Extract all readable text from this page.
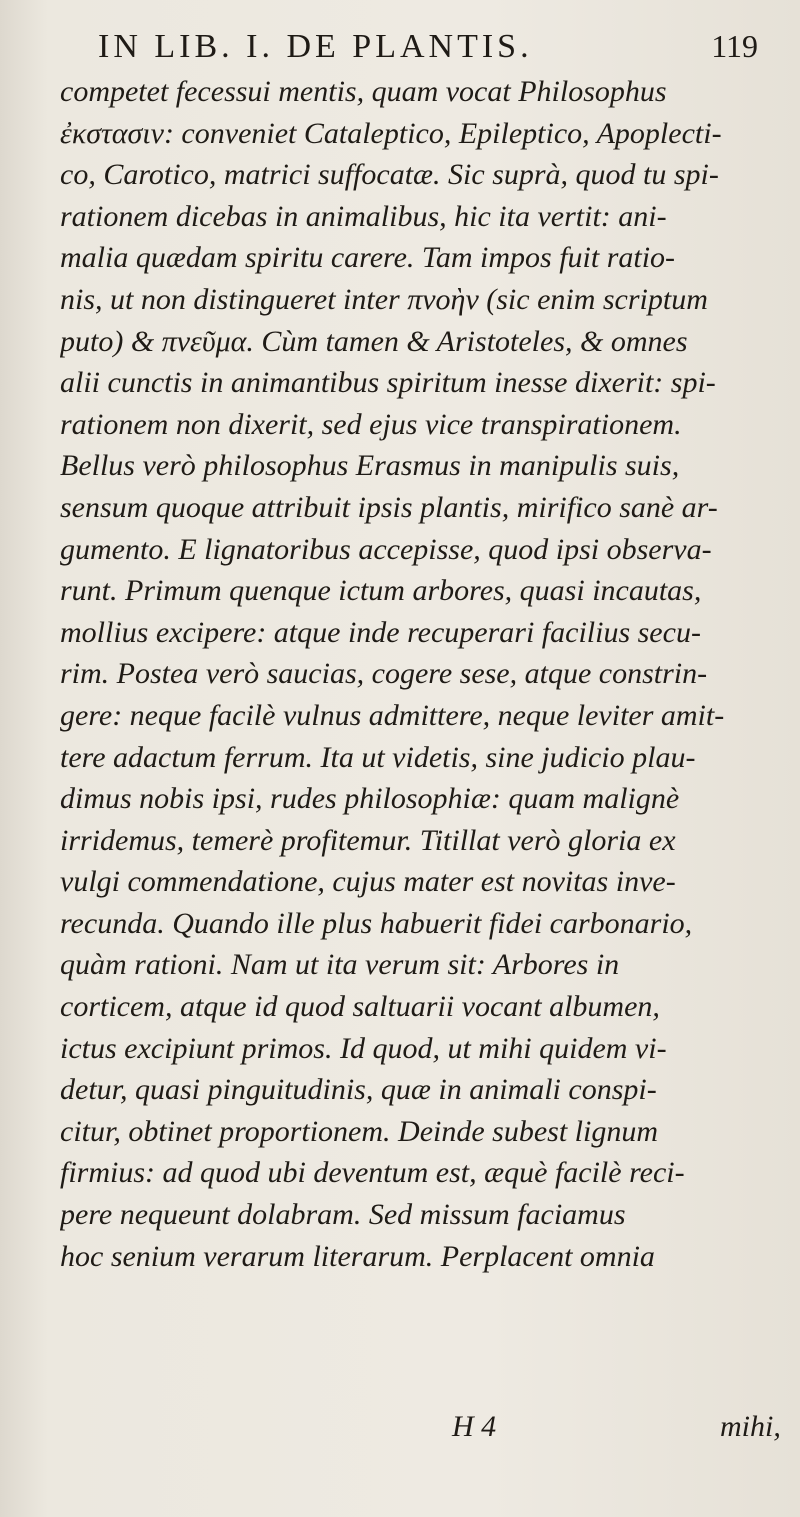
IN LIB. I. DE PLANTIS.	119
competet fecessui mentis, quam vocat Philosophus
ἐκστασιν: conveniet Cataleptico, Epileptico, Apoplecti-
co, Carotico, matrici suffocatæ. Sic suprà, quod tu spi-
rationem dicebas in animalibus, hic ita vertit: ani-
malia quædam spiritu carere. Tam impos fuit ratio-
nis, ut non distingueret inter πνοὴν (sic enim scriptum
puto) & πνεῦμα. Cùm tamen & Aristoteles, & omnes
alii cunctis in animantibus spiritum inesse dixerit: spi-
rationem non dixerit, sed ejus vice transpirationem.
Bellus verò philosophus Erasmus in manipulis suis,
sensum quoque attribuit ipsis plantis, mirifico sanè ar-
gumento. E lignatoribus accepisse, quod ipsi observa-
runt. Primum quenque ictum arbores, quasi incautas,
mollius excipere: atque inde recuperari facilius secu-
rim. Postea verò saucias, cogere sese, atque constrin-
gere: neque facilè vulnus admittere, neque leviter amit-
tere adactum ferrum. Ita ut videtis, sine judicio plau-
dimus nobis ipsi, rudes philosophiæ: quam malignè
irridemus, temerè profitemur. Titillat verò gloria ex
vulgi commendatione, cujus mater est novitas inve-
recunda. Quando ille plus habuerit fidei carbonario,
quàm rationi. Nam ut ita verum sit: Arbores in
corticem, atque id quod saltuarii vocant albumen,
ictus excipiunt primos. Id quod, ut mihi quidem vi-
detur, quasi pinguitudinis, quæ in animali conspi-
citur, obtinet proportionem. Deinde subest lignum
firmius: ad quod ubi deventum est, æquè facilè reci-
pere nequeunt dolabram. Sed missum faciamus
hoc senium verarum literarum. Perplacent omnia
H 4	mihi,
